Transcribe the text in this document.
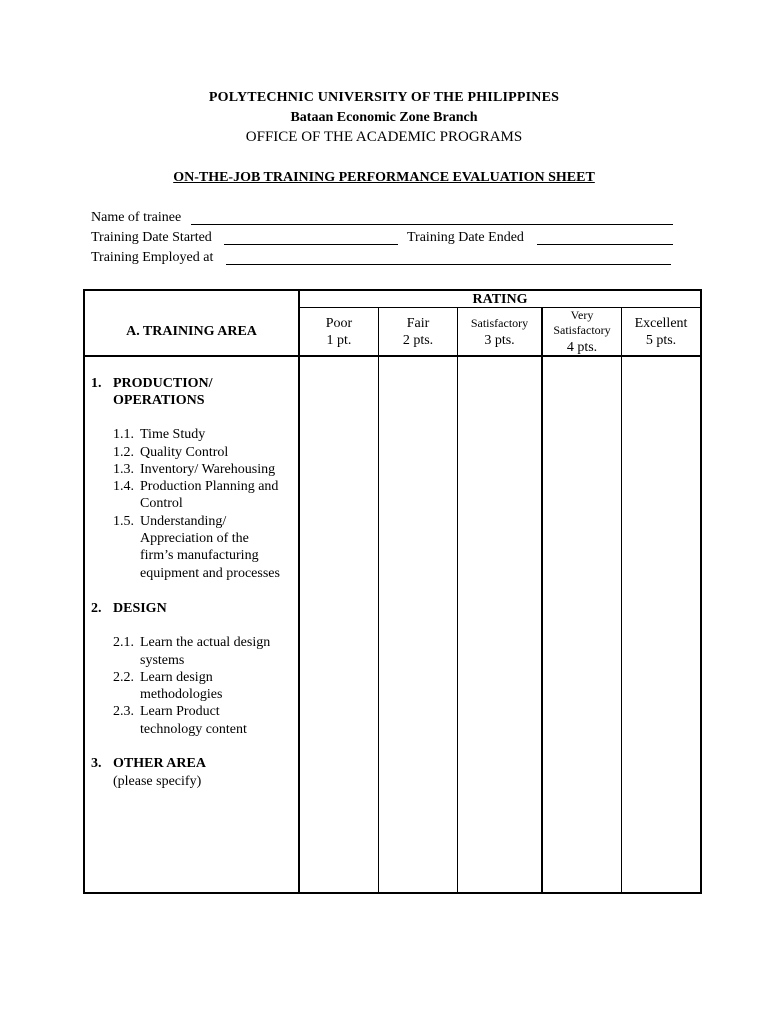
POLYTECHNIC UNIVERSITY OF THE PHILIPPINES
Bataan Economic Zone Branch
OFFICE OF THE ACADEMIC PROGRAMS
ON-THE-JOB TRAINING PERFORMANCE EVALUATION SHEET
Name of trainee
Training Date Started	Training Date Ended
Training Employed at
RATING
A. TRAINING AREA
Poor
1 pt.
Fair
2 pts.
Satisfactory
3 pts.
Very
Satisfactory
4 pts.
Excellent
5 pts.
1. PRODUCTION/
OPERATIONS
1.1. Time Study
1.2. Quality Control
1.3. Inventory/ Warehousing
1.4. Production Planning and
Control
1.5. Understanding/
Appreciation of the
firm’s manufacturing
equipment and processes
2. DESIGN
2.1. Learn the actual design
systems
2.2. Learn design
methodologies
2.3. Learn Product
technology content
3. OTHER AREA
(please specify)
